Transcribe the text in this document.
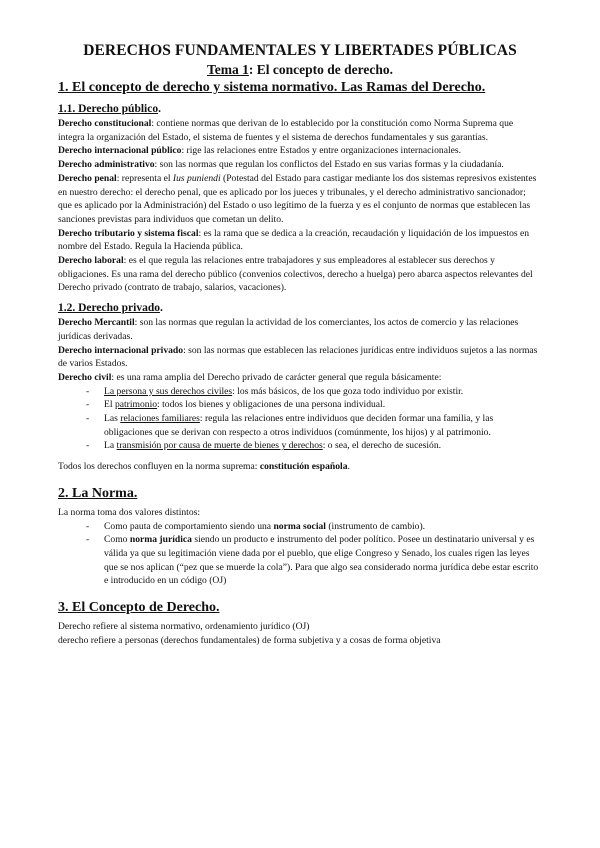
DERECHOS FUNDAMENTALES Y LIBERTADES PÚBLICAS
Tema 1: El concepto de derecho.
1. El concepto de derecho y sistema normativo. Las Ramas del Derecho.
1.1. Derecho público.

Derecho constitucional: contiene normas que derivan de lo establecido por la constitución como Norma Suprema que integra la organización del Estado, el sistema de fuentes y el sistema de derechos fundamentales y sus garantías.

Derecho internacional público: rige las relaciones entre Estados y entre organizaciones internacionales.

Derecho administrativo: son las normas que regulan los conflictos del Estado en sus varias formas y la ciudadanía.

Derecho penal: representa el Ius puniendi (Potestad del Estado para castigar mediante los dos sistemas represivos existentes en nuestro derecho: el derecho penal, que es aplicado por los jueces y tribunales, y el derecho administrativo sancionador; que es aplicado por la Administración) del Estado o uso legítimo de la fuerza y es el conjunto de normas que establecen las sanciones previstas para individuos que cometan un delito.

Derecho tributario y sistema fiscal: es la rama que se dedica a la creación, recaudación y liquidación de los impuestos en nombre del Estado. Regula la Hacienda pública.

Derecho laboral: es el que regula las relaciones entre trabajadores y sus empleadores al establecer sus derechos y obligaciones. Es una rama del derecho público (convenios colectivos, derecho a huelga) pero abarca aspectos relevantes del Derecho privado (contrato de trabajo, salarios, vacaciones).

1.2. Derecho privado.

Derecho Mercantil: son las normas que regulan la actividad de los comerciantes, los actos de comercio y las relaciones jurídicas derivadas.

Derecho internacional privado: son las normas que establecen las relaciones jurídicas entre individuos sujetos a las normas de varios Estados.

Derecho civil: es una rama amplia del Derecho privado de carácter general que regula básicamente:

- La persona y sus derechos civiles: los más básicos, de los que goza todo individuo por existir.
- El patrimonio: todos los bienes y obligaciones de una persona individual.
- Las relaciones familiares: regula las relaciones entre individuos que deciden formar una familia, y las obligaciones que se derivan con respecto a otros individuos (comúnmente, los hijos) y al patrimonio.
- La transmisión por causa de muerte de bienes y derechos: o sea, el derecho de sucesión.

Todos los derechos confluyen en la norma suprema: constitución española.

2. La Norma.

La norma toma dos valores distintos:

- Como pauta de comportamiento siendo una norma social (instrumento de cambio).
- Como norma jurídica siendo un producto e instrumento del poder político. Posee un destinatario universal y es válida ya que su legitimación viene dada por el pueblo, que elige Congreso y Senado, los cuales rigen las leyes que se nos aplican (“pez que se muerde la cola”). Para que algo sea considerado norma jurídica debe estar escrito e introducido en un código (OJ)
3. El Concepto de Derecho.

Derecho refiere al sistema normativo, ordenamiento jurídico (OJ)

derecho refiere a personas (derechos fundamentales) de forma subjetiva y a cosas de forma objetiva
